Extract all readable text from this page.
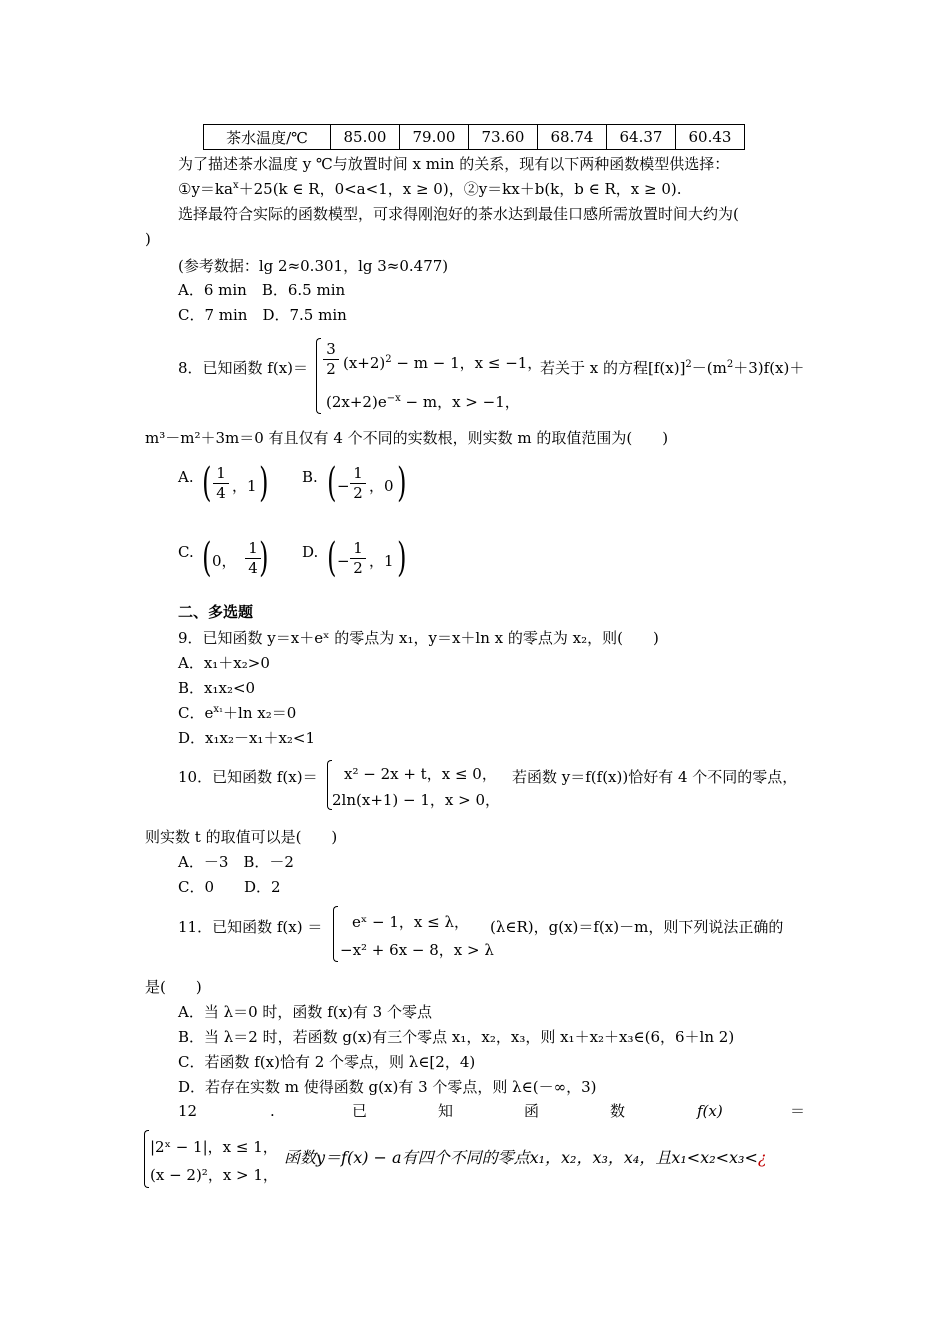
茶水温度/℃	85.00	79.00	73.60	68.74	64.37	60.43
为了描述茶水温度 y ℃与放置时间 x min 的关系，现有以下两种函数模型供选择：
$①y=ka^x+25(k$ ∈ R，0<a<1，x ≥ 0)，②y＝kx＋b(k，b ∈ R，x ≥ 0).
选择最符合实际的函数模型，可求得刚泡好的茶水达到最佳口感所需放置时间大约为(
)
(参考数据：lg 2≈0.301，lg 3≈0.477)
A．6 min　B．6.5 min
C．7 min　D．7.5 min
8．已知函数 $f(x)= \frac{3}{2} (x+2)^2 - m - 1$，x ≤ −1，
$(2x+2)e^{-x} - m$，x > −1，
若关于 x 的方程$[f(x)]^2-(m^2+3)f(x)+$
m³－m²＋3m＝0 有且仅有 4 个不同的实数根，则实数 m 的取值范围为(　　)
A. ( $\frac{1}{4}$ ，1 ) B. ( − $\frac{1}{2}$ ，0 )
C. ( 0， $\frac{1}{4}$
) D. ( − $\frac{1}{2}$ ，1 )
二、多选题
9．已知函数 y＝x＋eˣ 的零点为 x₁，y＝x＋ln x 的零点为 x₂，则(　　)
A．x₁＋x₂>0
B．x₁x₂<0
C．$e^{x_1}+\ln$ x₂＝0
D．x₁x₂－x₁＋x₂<1
10．已知函数 f(x)＝ x² − 2x + t，x ≤ 0，
2ln(x+1) − 1，x > 0，
若函数 y＝f(f(x))恰好有 4 个不同的零点，
则实数 t 的取值可以是(　　)
A．－3　B．－2
C．0　　D．2
11．已知函数 f(x) ＝ eˣ − 1，x ≤ λ，
−x² + 6x − 8，x > λ
(λ∈R)，g(x)＝f(x)－m，则下列说法正确的
是(　　)
A．当 λ＝0 时，函数 f(x)有 3 个零点
B．当 λ＝2 时，若函数 g(x)有三个零点 x₁，x₂，x₃，则 x₁＋x₂＋x₃∈(6，6＋ln 2)
C．若函数 f(x)恰有 2 个零点，则 λ∈[2，4)
D．若存在实数 m 使得函数 g(x)有 3 个零点，则 λ∈(－∞，3)
12	.	已	知	函	数	f(x)	＝
|2ˣ − 1|，x ≤ 1，
(x − 2)²，x > 1，
函数y＝f(x) − a有四个不同的零点x₁，x₂，x₃，x₄，且x₁<x₂<x₃<¿
